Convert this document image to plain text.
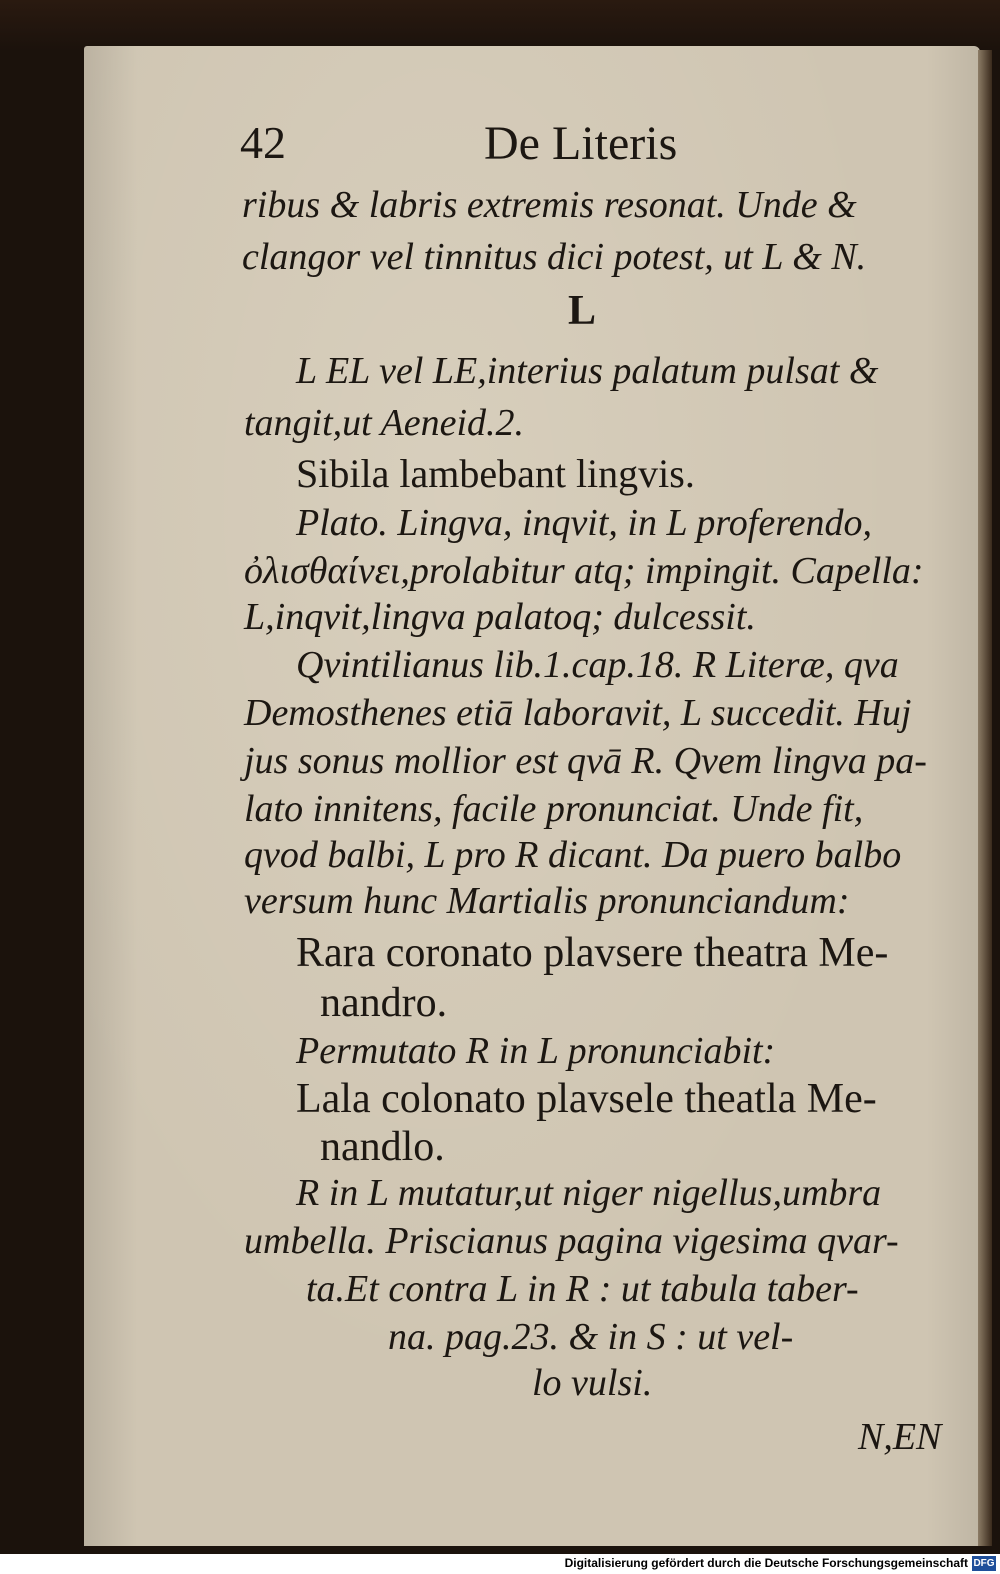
42	De Literis
ribus & labris extremis resonat. Unde &
clangor vel tinnitus dici potest, ut L & N.
L
L EL vel LE,interius palatum pulsat &
tangit,ut Aeneid.2.
Sibila lambebant lingvis.
Plato. Lingva, inqvit, in L proferendo,
ὀλισθαίνει,prolabitur atq; impingit. Capella:
L,inqvit,lingva palatoq; dulcessit.
Qvintilianus lib.1.cap.18. R Literæ, qva
Demosthenes etiā laboravit, L succedit. Huj
jus sonus mollior est qvā R. Qvem lingva pa-
lato innitens, facile pronunciat. Unde fit,
qvod balbi, L pro R dicant. Da puero balbo
versum hunc Martialis pronunciandum:
Rara coronato plavsere theatra Me-
nandro.
Permutato R in L pronunciabit:
Lala colonato plavsele theatla Me-
nandlo.
R in L mutatur,ut niger nigellus,umbra
umbella. Priscianus pagina vigesima qvar-
ta.Et contra L in R : ut tabula taber-
na. pag.23. & in S : ut vel-
lo vulsi.
N,EN
Digitalisierung gefördert durch die Deutsche Forschungsgemeinschaft DFG
